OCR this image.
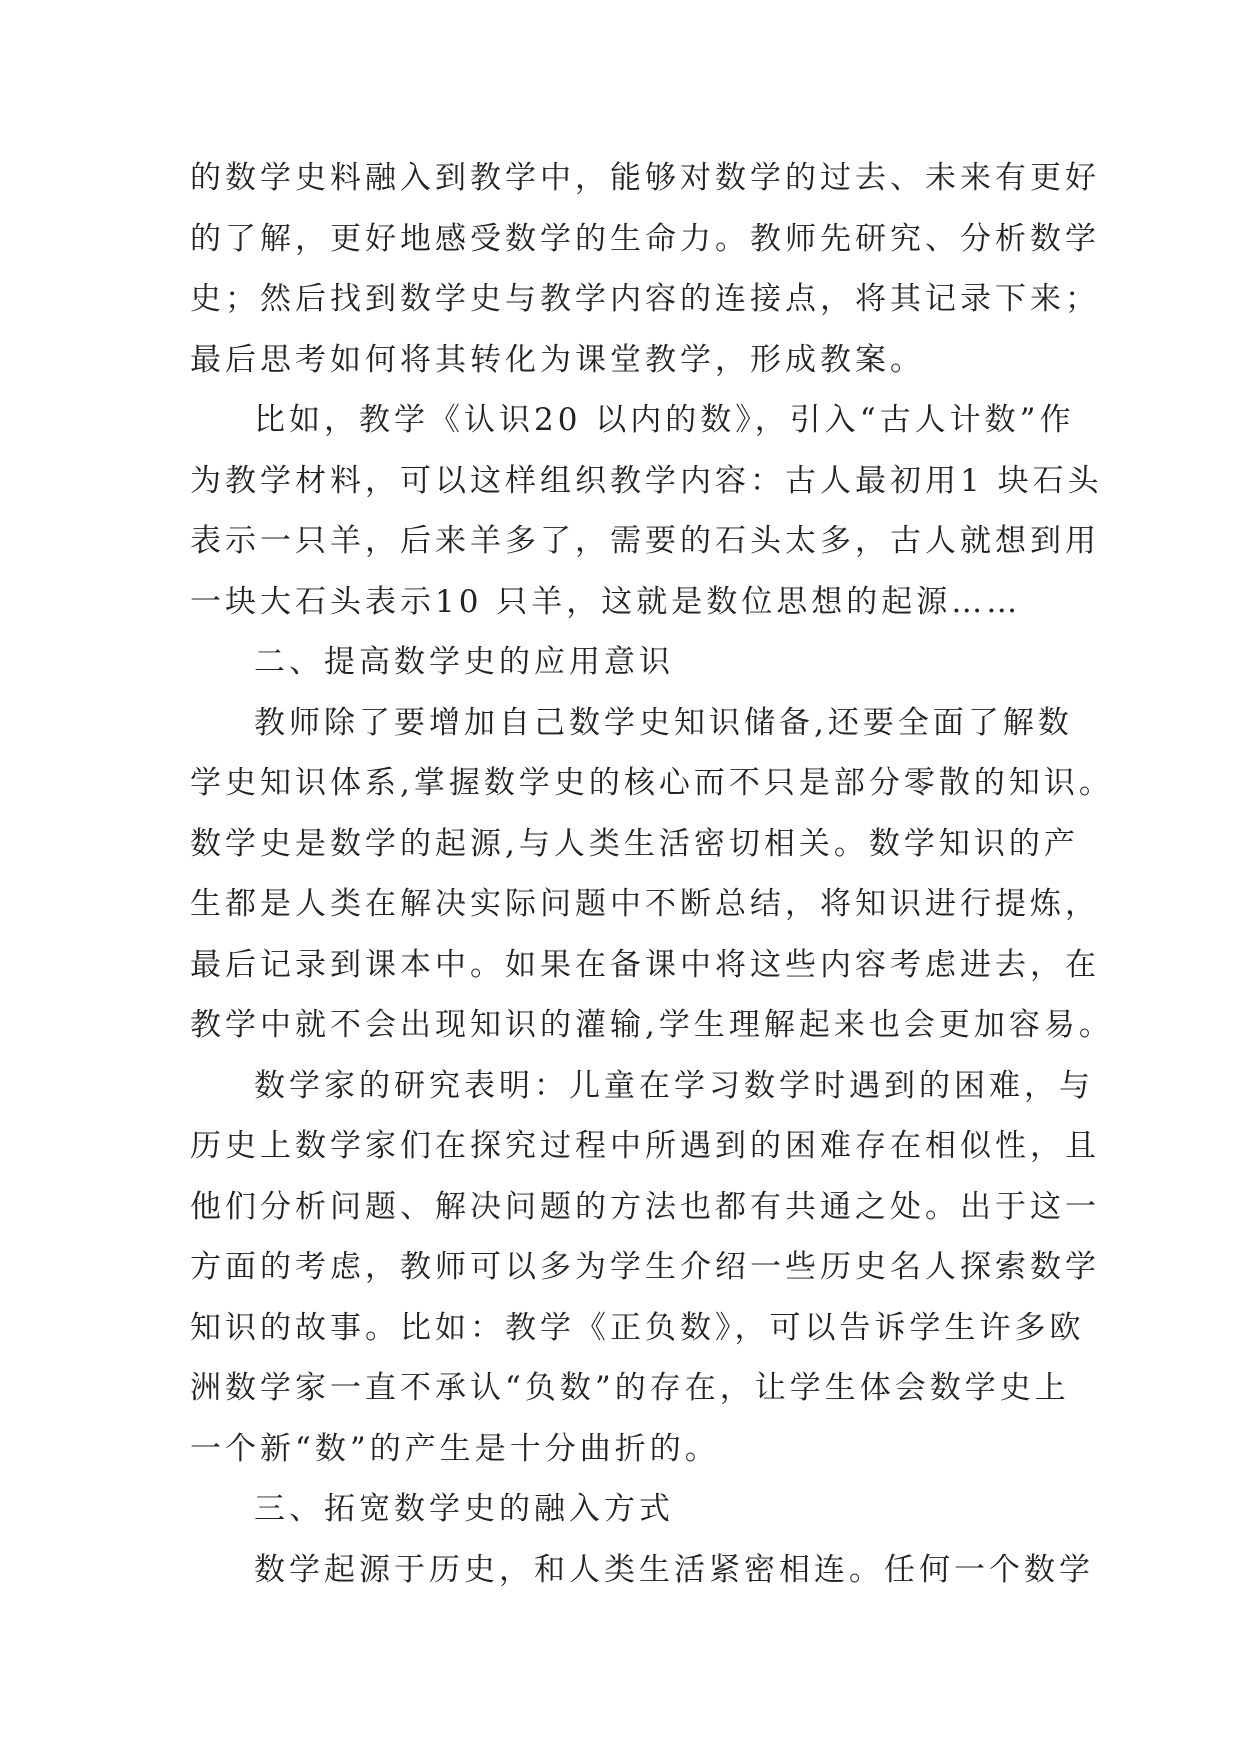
的数学史料融入到教学中，能够对数学的过去、未来有更好
的了解，更好地感受数学的生命力。教师先研究、分析数学
史；然后找到数学史与教学内容的连接点，将其记录下来；
最后思考如何将其转化为课堂教学，形成教案。
比如，教学《认识20 以内的数》，引入“古人计数”作
为教学材料，可以这样组织教学内容：古人最初用1 块石头
表示一只羊，后来羊多了，需要的石头太多，古人就想到用
一块大石头表示10 只羊，这就是数位思想的起源……
二、提高数学史的应用意识
教师除了要增加自己数学史知识储备,还要全面了解数
学史知识体系,掌握数学史的核心而不只是部分零散的知识。
数学史是数学的起源,与人类生活密切相关。数学知识的产
生都是人类在解决实际问题中不断总结，将知识进行提炼，
最后记录到课本中。如果在备课中将这些内容考虑进去，在
教学中就不会出现知识的灌输,学生理解起来也会更加容易。
数学家的研究表明：儿童在学习数学时遇到的困难，与
历史上数学家们在探究过程中所遇到的困难存在相似性，且
他们分析问题、解决问题的方法也都有共通之处。出于这一
方面的考虑，教师可以多为学生介绍一些历史名人探索数学
知识的故事。比如：教学《正负数》，可以告诉学生许多欧
洲数学家一直不承认“负数”的存在，让学生体会数学史上
一个新“数”的产生是十分曲折的。
三、拓宽数学史的融入方式
数学起源于历史，和人类生活紧密相连。任何一个数学
